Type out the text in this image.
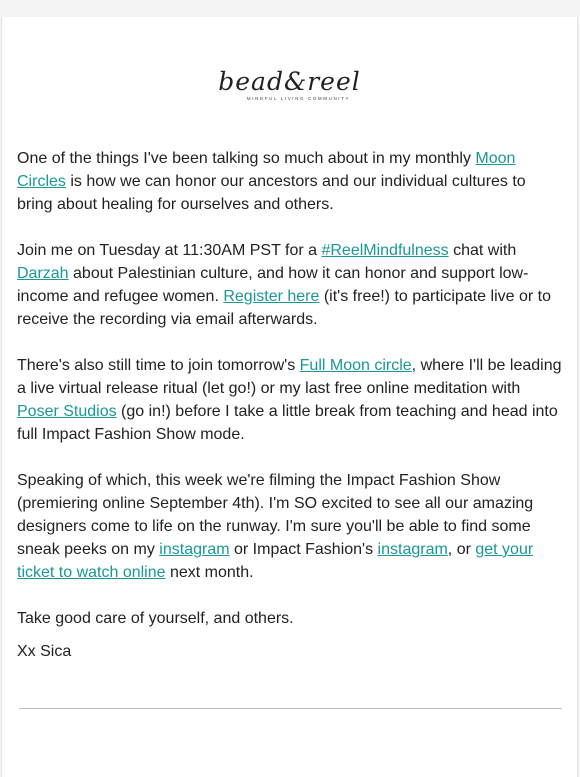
bead&reel
MINDFUL LIVING COMMUNITY

One of the things I've been talking so much about in my monthly Moon Circles is how we can honor our ancestors and our individual cultures to bring about healing for ourselves and others.

Join me on Tuesday at 11:30AM PST for a #ReelMindfulness chat with Darzah about Palestinian culture, and how it can honor and support low-income and refugee women. Register here (it's free!) to participate live or to receive the recording via email afterwards.

There's also still time to join tomorrow's Full Moon circle, where I'll be leading a live virtual release ritual (let go!) or my last free online meditation with Poser Studios (go in!) before I take a little break from teaching and head into full Impact Fashion Show mode.

Speaking of which, this week we're filming the Impact Fashion Show (premiering online September 4th). I'm SO excited to see all our amazing designers come to life on the runway. I'm sure you'll be able to find some sneak peeks on my instagram or Impact Fashion's instagram, or get your ticket to watch online next month.

Take good care of yourself, and others.

Xx Sica
